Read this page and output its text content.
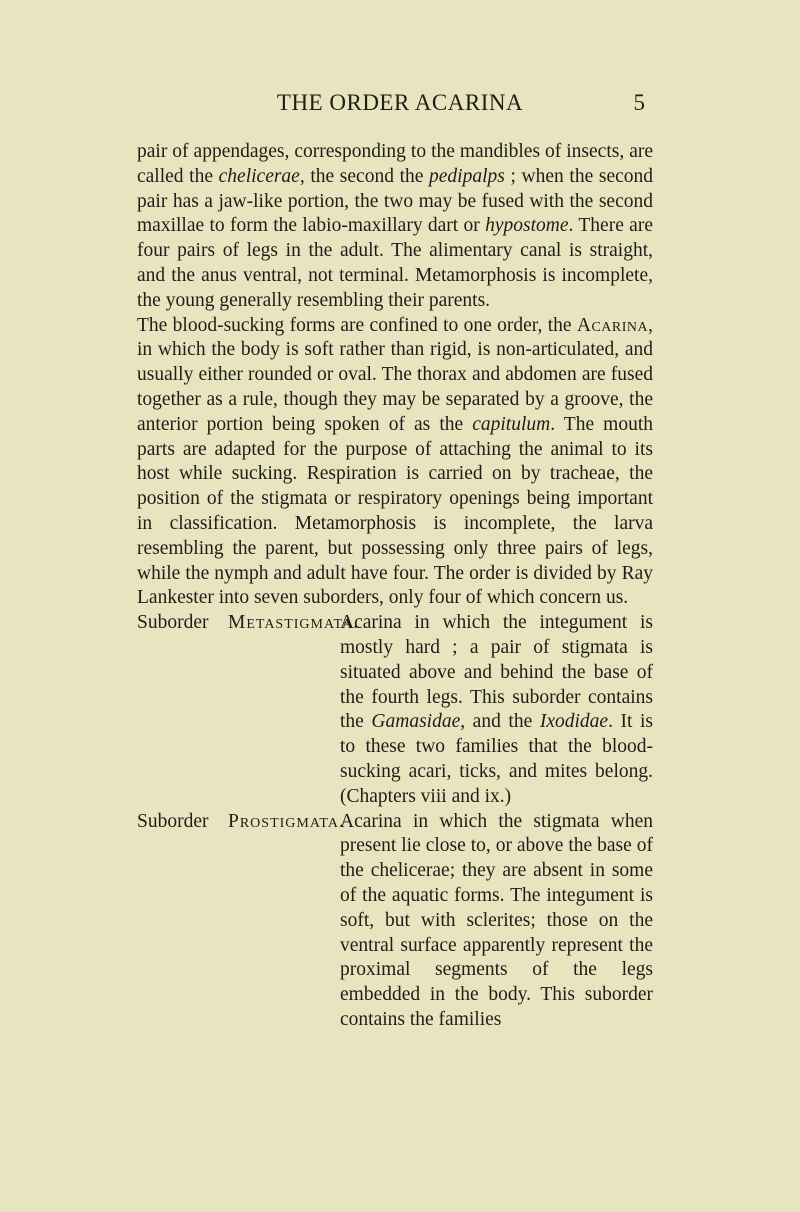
THE ORDER ACARINA	5

pair of appendages, corresponding to the mandibles of insects, are called the chelicerae, the second the pedipalps ; when the second pair has a jaw-like portion, the two may be fused with the second maxillae to form the labio-maxillary dart or hypostome. There are four pairs of legs in the adult. The alimentary canal is straight, and the anus ventral, not terminal. Metamorphosis is incomplete, the young generally resembling their parents.

The blood-sucking forms are confined to one order, the Acarina, in which the body is soft rather than rigid, is non-articulated, and usually either rounded or oval. The thorax and abdomen are fused together as a rule, though they may be separated by a groove, the anterior portion being spoken of as the capitulum. The mouth parts are adapted for the purpose of attaching the animal to its host while sucking. Respiration is carried on by tracheae, the position of the stigmata or respiratory openings being important in classification. Metamorphosis is incomplete, the larva resembling the parent, but possessing only three pairs of legs, while the nymph and adult have four. The order is divided by Ray Lankester into seven suborders, only four of which concern us.

Suborder Metastigmata.
Acarina in which the integument is mostly hard ; a pair of stigmata is situated above and behind the base of the fourth legs. This suborder contains the Gamasidae, and the Ixodidae. It is to these two families that the blood-sucking acari, ticks, and mites belong. (Chapters viii and ix.)
Suborder Prostigmata.
Acarina in which the stigmata when present lie close to, or above the base of the chelicerae; they are absent in some of the aquatic forms. The integument is soft, but with sclerites; those on the ventral surface apparently represent the proximal segments of the legs embedded in the body. This suborder contains the families
